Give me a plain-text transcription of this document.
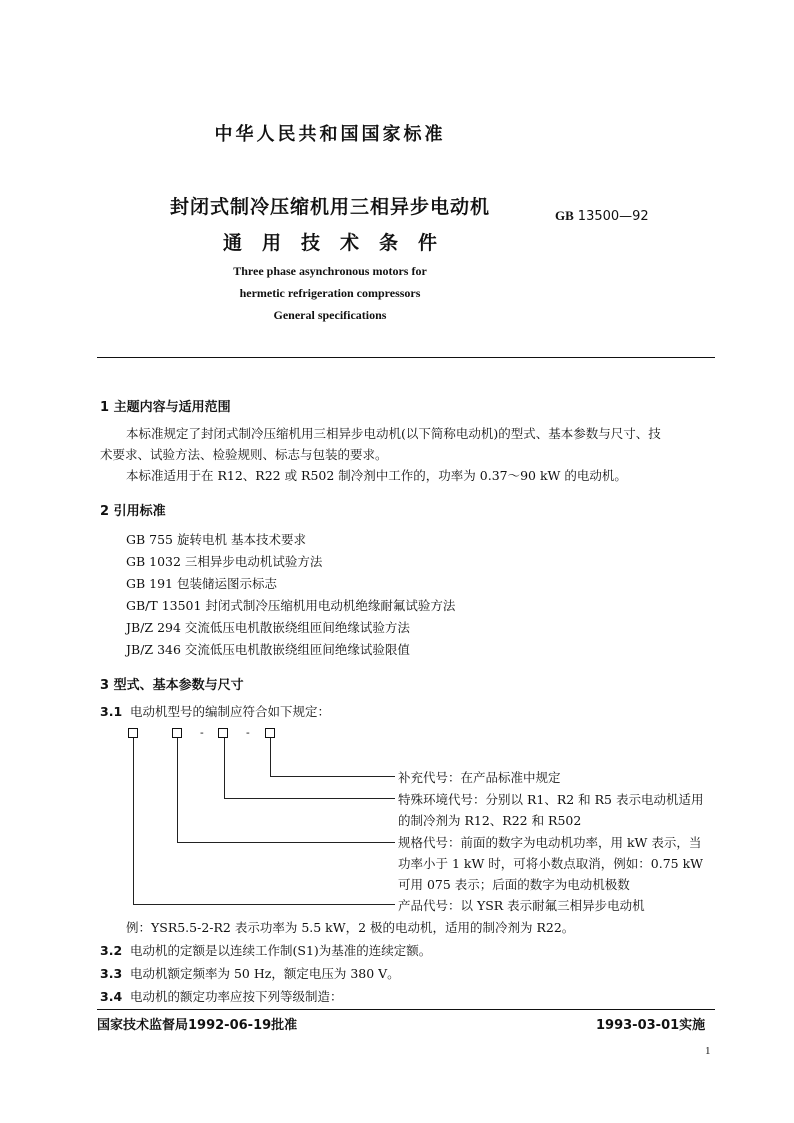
中华人民共和国国家标准
封闭式制冷压缩机用三相异步电动机
通用技术条件
GB 13500—92
Three phase asynchronous motors for
hermetic refrigeration compressors
General specifications
1 主题内容与适用范围
本标准规定了封闭式制冷压缩机用三相异步电动机(以下简称电动机)的型式、基本参数与尺寸、技
术要求、试验方法、检验规则、标志与包装的要求。
本标准适用于在 R12、R22 或 R502 制冷剂中工作的，功率为 0.37～90 kW 的电动机。
2 引用标准
GB 755 旋转电机 基本技术要求
GB 1032 三相异步电动机试验方法
GB 191 包装储运图示标志
GB/T 13501 封闭式制冷压缩机用电动机绝缘耐氟试验方法
JB/Z 294 交流低压电机散嵌绕组匝间绝缘试验方法
JB/Z 346 交流低压电机散嵌绕组匝间绝缘试验限值
3 型式、基本参数与尺寸
3.1 电动机型号的编制应符合如下规定：
-	-
补充代号：在产品标准中规定
特殊环境代号：分别以 R1、R2 和 R5 表示电动机适用
的制冷剂为 R12、R22 和 R502
规格代号：前面的数字为电动机功率，用 kW 表示，当
功率小于 1 kW 时，可将小数点取消，例如：0.75 kW
可用 075 表示；后面的数字为电动机极数
产品代号：以 YSR 表示耐氟三相异步电动机
例：YSR5.5-2-R2 表示功率为 5.5 kW，2 极的电动机，适用的制冷剂为 R22。
3.2 电动机的定额是以连续工作制(S1)为基准的连续定额。
3.3 电动机额定频率为 50 Hz，额定电压为 380 V。
3.4 电动机的额定功率应按下列等级制造：
国家技术监督局1992-06-19批准	1993-03-01实施
1
